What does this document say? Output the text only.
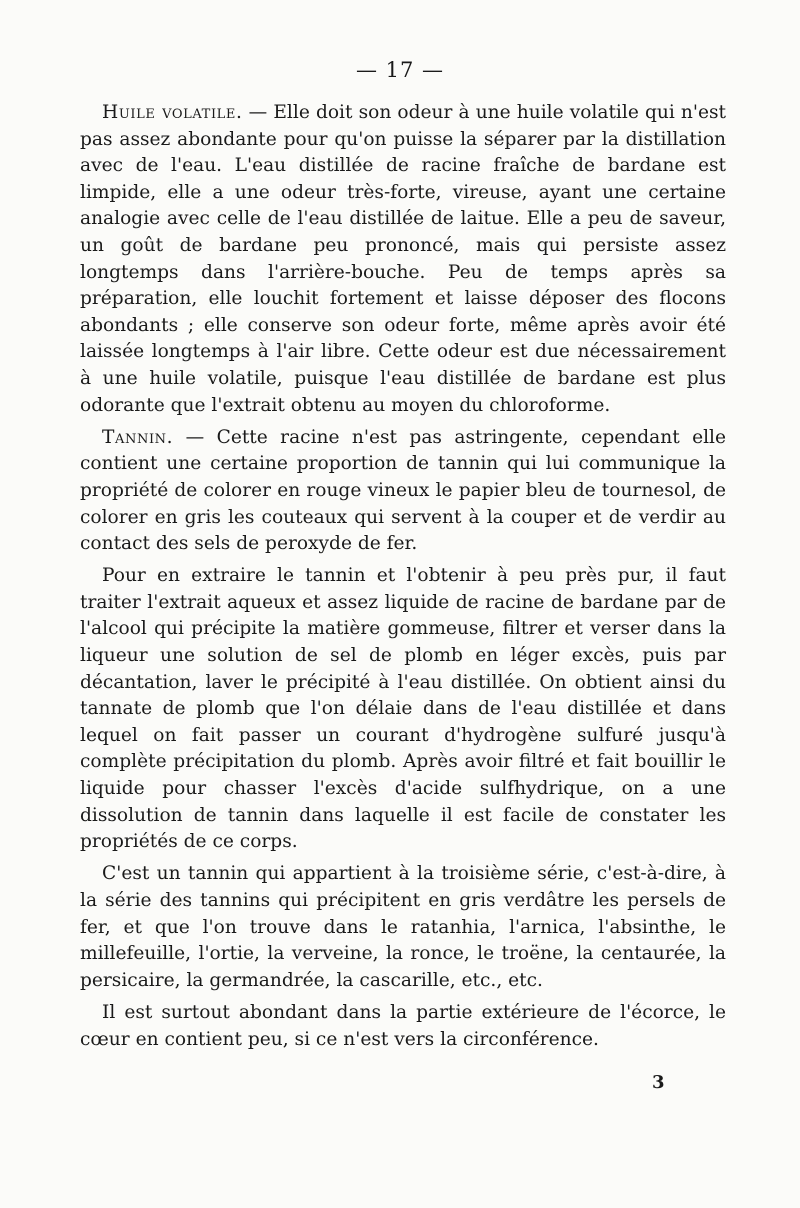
— 17 —

Huile volatile. — Elle doit son odeur à une huile volatile qui n'est pas assez abondante pour qu'on puisse la séparer par la distillation avec de l'eau. L'eau distillée de racine fraîche de bardane est limpide, elle a une odeur très-forte, vireuse, ayant une certaine analogie avec celle de l'eau distillée de laitue. Elle a peu de saveur, un goût de bardane peu prononcé, mais qui persiste assez longtemps dans l'arrière-bouche. Peu de temps après sa préparation, elle louchit fortement et laisse déposer des flocons abondants ; elle conserve son odeur forte, même après avoir été laissée longtemps à l'air libre. Cette odeur est due nécessairement à une huile volatile, puisque l'eau distillée de bardane est plus odorante que l'extrait obtenu au moyen du chloroforme.

Tannin. — Cette racine n'est pas astringente, cependant elle contient une certaine proportion de tannin qui lui communique la propriété de colorer en rouge vineux le papier bleu de tournesol, de colorer en gris les couteaux qui servent à la couper et de verdir au contact des sels de peroxyde de fer.

Pour en extraire le tannin et l'obtenir à peu près pur, il faut traiter l'extrait aqueux et assez liquide de racine de bardane par de l'alcool qui précipite la matière gommeuse, filtrer et verser dans la liqueur une solution de sel de plomb en léger excès, puis par décantation, laver le précipité à l'eau distillée. On obtient ainsi du tannate de plomb que l'on délaie dans de l'eau distillée et dans lequel on fait passer un courant d'hydrogène sulfuré jusqu'à complète précipitation du plomb. Après avoir filtré et fait bouillir le liquide pour chasser l'excès d'acide sulfhydrique, on a une dissolution de tannin dans laquelle il est facile de constater les propriétés de ce corps.

C'est un tannin qui appartient à la troisième série, c'est-à-dire, à la série des tannins qui précipitent en gris verdâtre les persels de fer, et que l'on trouve dans le ratanhia, l'arnica, l'absinthe, le millefeuille, l'ortie, la verveine, la ronce, le troëne, la centaurée, la persicaire, la germandrée, la cascarille, etc., etc.

Il est surtout abondant dans la partie extérieure de l'écorce, le cœur en contient peu, si ce n'est vers la circonférence.

3
